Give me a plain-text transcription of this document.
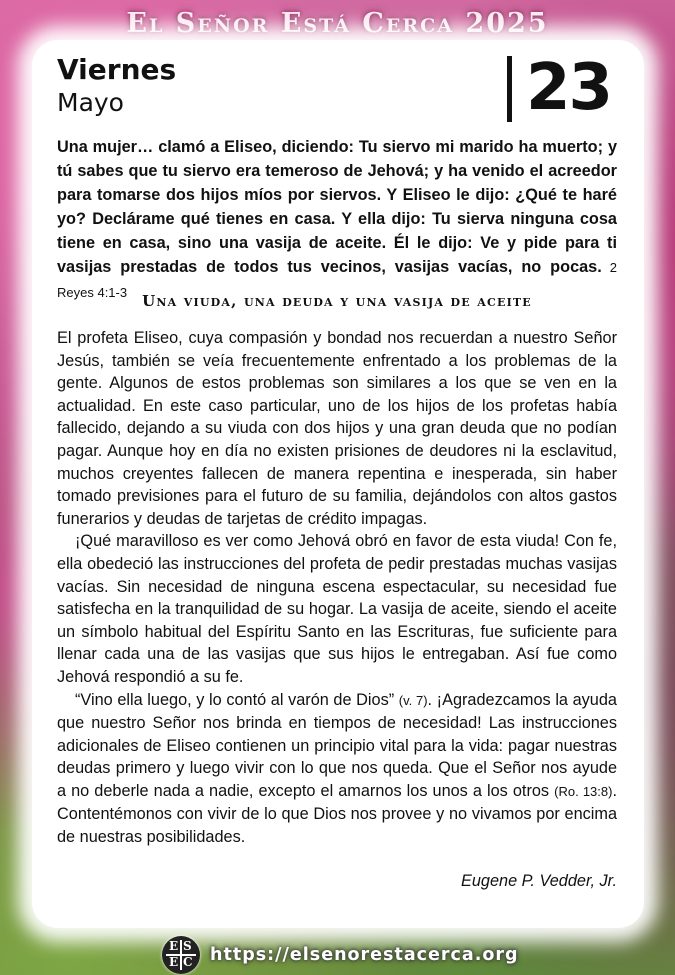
El Señor Está Cerca 2025
Viernes
Mayo	23
Una mujer… clamó a Eliseo, diciendo: Tu siervo mi marido ha muerto; y tú sabes que tu siervo era temeroso de Jehová; y ha venido el acreedor para tomarse dos hijos míos por siervos. Y Eliseo le dijo: ¿Qué te haré yo? Declárame qué tienes en casa. Y ella dijo: Tu sierva ninguna cosa tiene en casa, sino una vasija de aceite. Él le dijo: Ve y pide para ti vasijas prestadas de todos tus vecinos, vasijas vacías, no pocas. 2 Reyes 4:1-3	Una viuda, una deuda y una vasija de aceite

El profeta Eliseo, cuya compasión y bondad nos recuerdan a nuestro Señor Jesús, también se veía frecuentemente enfrentado a los problemas de la gente. Algunos de estos problemas son similares a los que se ven en la actualidad. En este caso particular, uno de los hijos de los profetas había fallecido, dejando a su viuda con dos hijos y una gran deuda que no podían pagar. Aunque hoy en día no existen prisiones de deudores ni la esclavitud, muchos creyentes fallecen de manera repentina e inesperada, sin haber tomado previsiones para el futuro de su familia, dejándolos con altos gastos funerarios y deudas de tarjetas de crédito impagas.

¡Qué maravilloso es ver como Jehová obró en favor de esta viuda! Con fe, ella obedeció las instrucciones del profeta de pedir prestadas muchas vasijas vacías. Sin necesidad de ninguna escena espectacular, su necesidad fue satisfecha en la tranquilidad de su hogar. La vasija de aceite, siendo el aceite un símbolo habitual del Espíritu Santo en las Escrituras, fue suficiente para llenar cada una de las vasijas que sus hijos le entregaban. Así fue como Jehová respondió a su fe.

“Vino ella luego, y lo contó al varón de Dios” (v. 7). ¡Agradezcamos la ayuda que nuestro Señor nos brinda en tiempos de necesidad! Las instrucciones adicionales de Eliseo contienen un principio vital para la vida: pagar nuestras deudas primero y luego vivir con lo que nos queda. Que el Señor nos ayude a no deberle nada a nadie, excepto el amarnos los unos a los otros (Ro. 13:8). Contentémonos con vivir de lo que Dios nos provee y no vivamos por encima de nuestras posibilidades.

Eugene P. Vedder, Jr.
E S
E C https://elsenorestacerca.org
